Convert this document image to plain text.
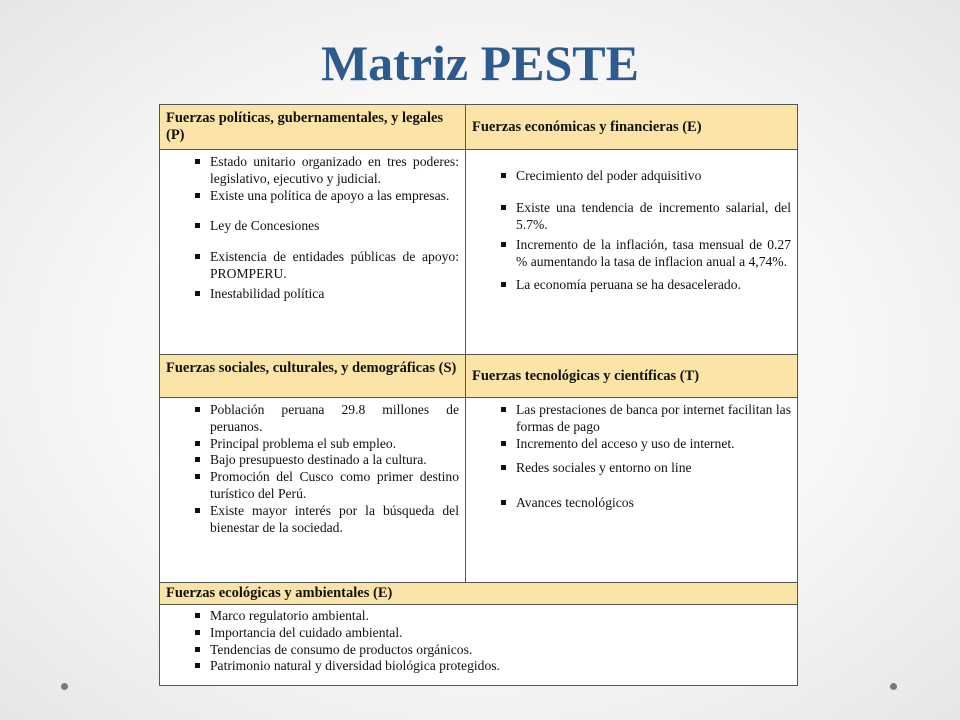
Matriz PESTE
Fuerzas políticas, gubernamentales, y legales (P)
Fuerzas económicas y financieras (E)
Estado unitario organizado en tres poderes: legislativo, ejecutivo y judicial.
Existe una política de apoyo a las empresas.
Ley de Concesiones
Existencia de entidades públicas de apoyo: PROMPERU.
Inestabilidad política
Crecimiento del poder adquisitivo
Existe una tendencia de incremento salarial, del 5.7%.
Incremento de la inflación, tasa mensual de 0.27 % aumentando la tasa de inflacion anual a 4,74%.
La economía peruana se ha desacelerado.
Fuerzas sociales, culturales, y demográficas (S) Fuerzas tecnológicas y científicas (T)
Población peruana 29.8 millones de peruanos.
Principal problema el sub empleo.
Bajo presupuesto destinado a la cultura.
Promoción del Cusco como primer destino turístico del Perú.
Existe mayor interés por la búsqueda del bienestar de la sociedad.
Las prestaciones de banca por internet facilitan las formas de pago
Incremento del acceso y uso de internet.
Redes sociales y entorno on line
Avances tecnológicos
Fuerzas ecológicas y ambientales (E)
Marco regulatorio ambiental.
Importancia del cuidado ambiental.
Tendencias de consumo de productos orgánicos.
Patrimonio natural y diversidad biológica protegidos.
